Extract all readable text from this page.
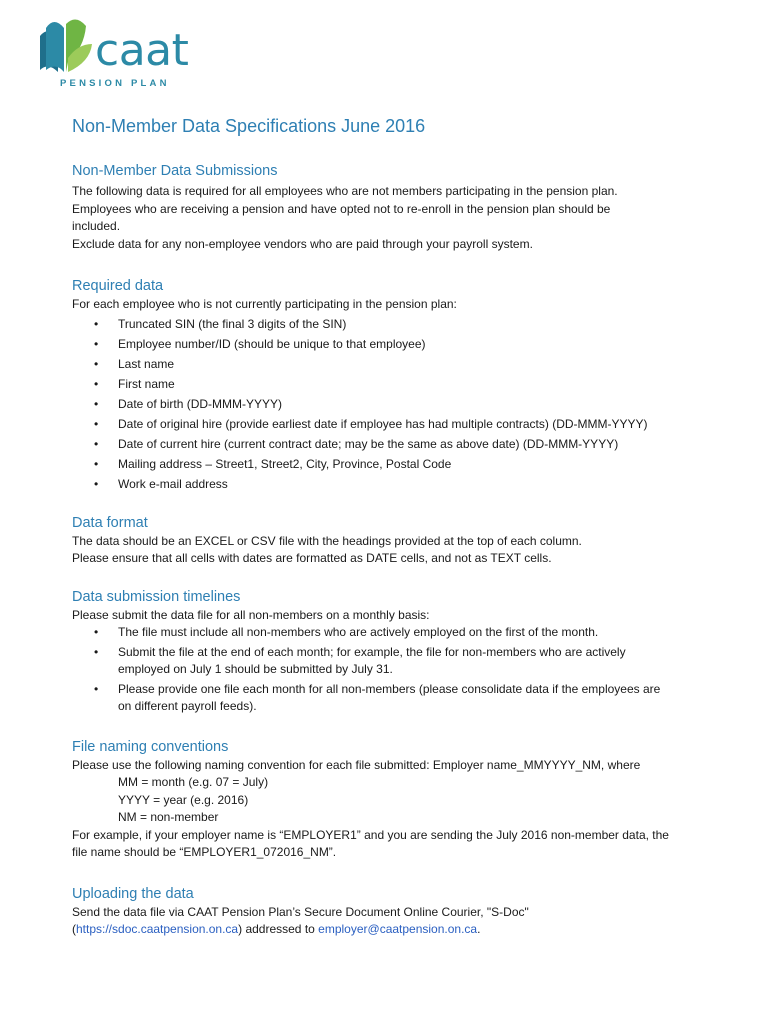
caat
PENSION PLAN
Non-Member Data Specifications June 2016
Non-Member Data Submissions

The following data is required for all employees who are not members participating in the pension plan.

Employees who are receiving a pension and have opted not to re-enroll in the pension plan should be

included.

Exclude data for any non-employee vendors who are paid through your payroll system.

Required data

For each employee who is not currently participating in the pension plan:

• Truncated SIN (the final 3 digits of the SIN)
• Employee number/ID (should be unique to that employee)
• Last name
• First name
• Date of birth (DD-MMM-YYYY)
• Date of original hire (provide earliest date if employee has had multiple contracts) (DD-MMM-YYYY)
• Date of current hire (current contract date; may be the same as above date) (DD-MMM-YYYY)
• Mailing address – Street1, Street2, City, Province, Postal Code
• Work e-mail address
Data format

The data should be an EXCEL or CSV file with the headings provided at the top of each column.

Please ensure that all cells with dates are formatted as DATE cells, and not as TEXT cells.

Data submission timelines

Please submit the data file for all non-members on a monthly basis:

• The file must include all non-members who are actively employed on the first of the month.
• Submit the file at the end of each month; for example, the file for non-members who are actively
employed on July 1 should be submitted by July 31.
• Please provide one file each month for all non-members (please consolidate data if the employees are
on different payroll feeds).
File naming conventions

Please use the following naming convention for each file submitted: Employer name_MMYYYY_NM, where

MM = month (e.g. 07 = July)

YYYY = year (e.g. 2016)

NM = non-member

For example, if your employer name is “EMPLOYER1” and you are sending the July 2016 non-member data, the

file name should be “EMPLOYER1_072016_NM”.

Uploading the data

Send the data file via CAAT Pension Plan’s Secure Document Online Courier, "S-Doc"

(https://sdoc.caatpension.on.ca) addressed to employer@caatpension.on.ca.
